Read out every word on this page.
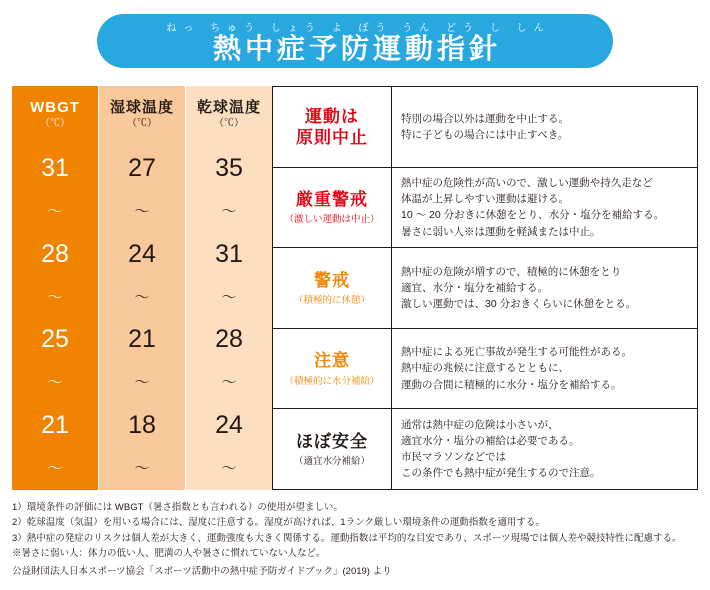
ねっ ちゅう しょう よ ぼう うん どう し しん
熱中症予防運動指針
WBGT
（℃）
31
〜
28
〜
25
〜
21
〜
湿球温度
（℃）
27
〜
24
〜
21
〜
18
〜
乾球温度
（℃）
35
〜
31
〜
28
〜
24
〜
運動は
原則中止
特別の場合以外は運動を中止する。
特に子どもの場合には中止すべき。
厳重警戒
（激しい運動は中止）
熱中症の危険性が高いので、激しい運動や持久走など
体温が上昇しやすい運動は避ける。
10 ～ 20 分おきに休憩をとり、水分・塩分を補給する。
暑さに弱い人※は運動を軽減または中止。
警戒
（積極的に休憩）
熱中症の危険が増すので、積極的に休憩をとり
適宜、水分・塩分を補給する。
激しい運動では、30 分おきくらいに休憩をとる。
注意
（積極的に水分補給）
熱中症による死亡事故が発生する可能性がある。
熱中症の兆候に注意するとともに、
運動の合間に積極的に水分・塩分を補給する。
ほぼ安全
（適宜水分補給）
通常は熱中症の危険は小さいが、
適宜水分・塩分の補給は必要である。
市民マラソンなどでは
この条件でも熱中症が発生するので注意。
1）環境条件の評価には WBGT（暑さ指数とも言われる）の使用が望ましい。
2）乾球温度（気温）を用いる場合には、湿度に注意する。湿度が高ければ、1ランク厳しい環境条件の運動指数を適用する。
3）熱中症の発症のリスクは個人差が大きく、運動強度も大きく関係する。運動指数は平均的な目安であり、スポーツ現場では個人差や競技特性に配慮する。
※暑さに弱い人：体力の低い人、肥満の人や暑さに慣れていない人など。
公益財団法人日本スポーツ協会「スポーツ活動中の熱中症予防ガイドブック」(2019) より
